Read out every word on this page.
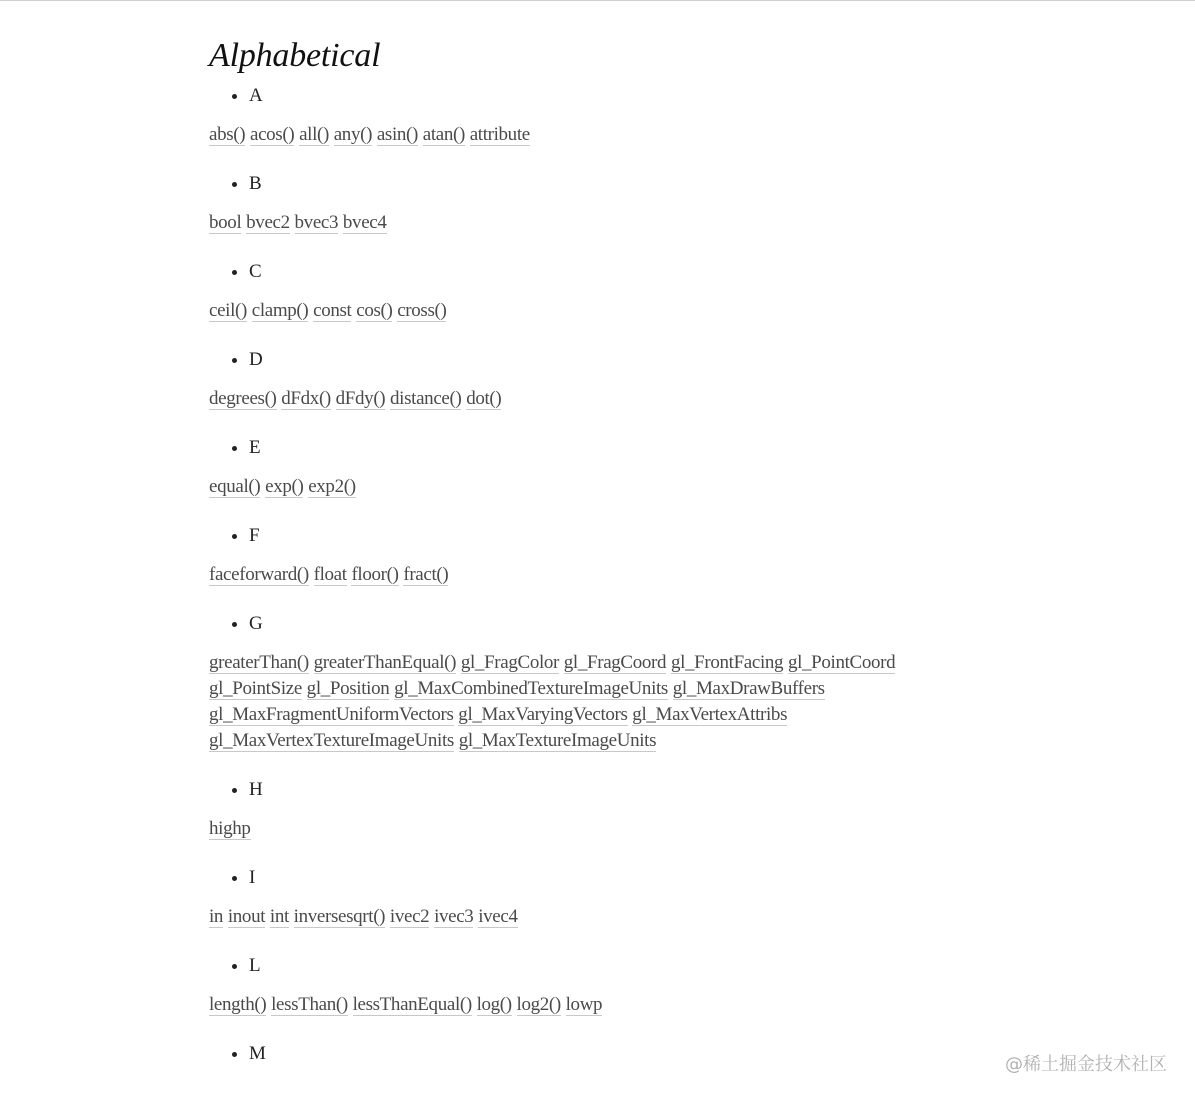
Alphabetical
• A
abs() acos() all() any() asin() atan() attribute
• B
bool bvec2 bvec3 bvec4
• C
ceil() clamp() const cos() cross()
• D
degrees() dFdx() dFdy() distance() dot()
• E
equal() exp() exp2()
• F
faceforward() float floor() fract()
• G
greaterThan() greaterThanEqual() gl_FragColor gl_FragCoord gl_FrontFacing gl_PointCoord gl_PointSize gl_Position gl_MaxCombinedTextureImageUnits gl_MaxDrawBuffers gl_MaxFragmentUniformVectors gl_MaxVaryingVectors gl_MaxVertexAttribs gl_MaxVertexTextureImageUnits gl_MaxTextureImageUnits
• H
highp
• I
in inout int inversesqrt() ivec2 ivec3 ivec4
• L
length() lessThan() lessThanEqual() log() log2() lowp
• M
@稀土掘金技术社区
